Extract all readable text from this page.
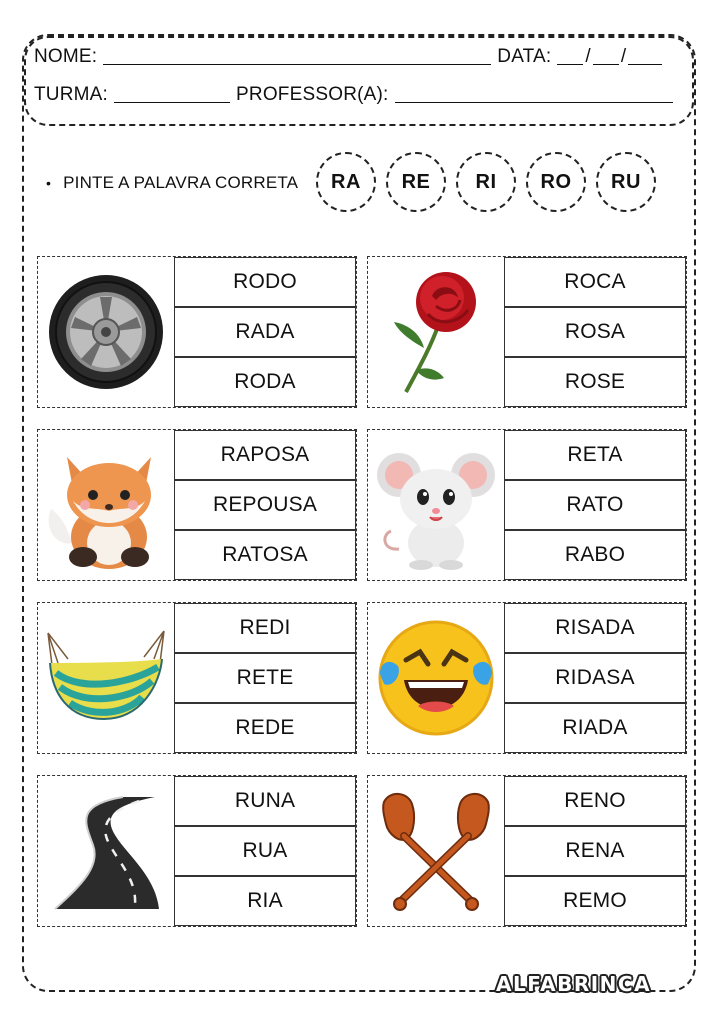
NOME:	DATA: / /
TURMA:	PROFESSOR(A):
• PINTE A PALAVRA CORRETA	RA	RE	RI	RO	RU
RODO
RADA
RODA
ROCA
ROSA
ROSE
RAPOSA
REPOUSA
RATOSA
RETA
RATO
RABO
REDI
RETE
REDE
RISADA
RIDASA
RIADA
RUNA
RUA
RIA
RENO
RENA
REMO
ALFABRINCA
